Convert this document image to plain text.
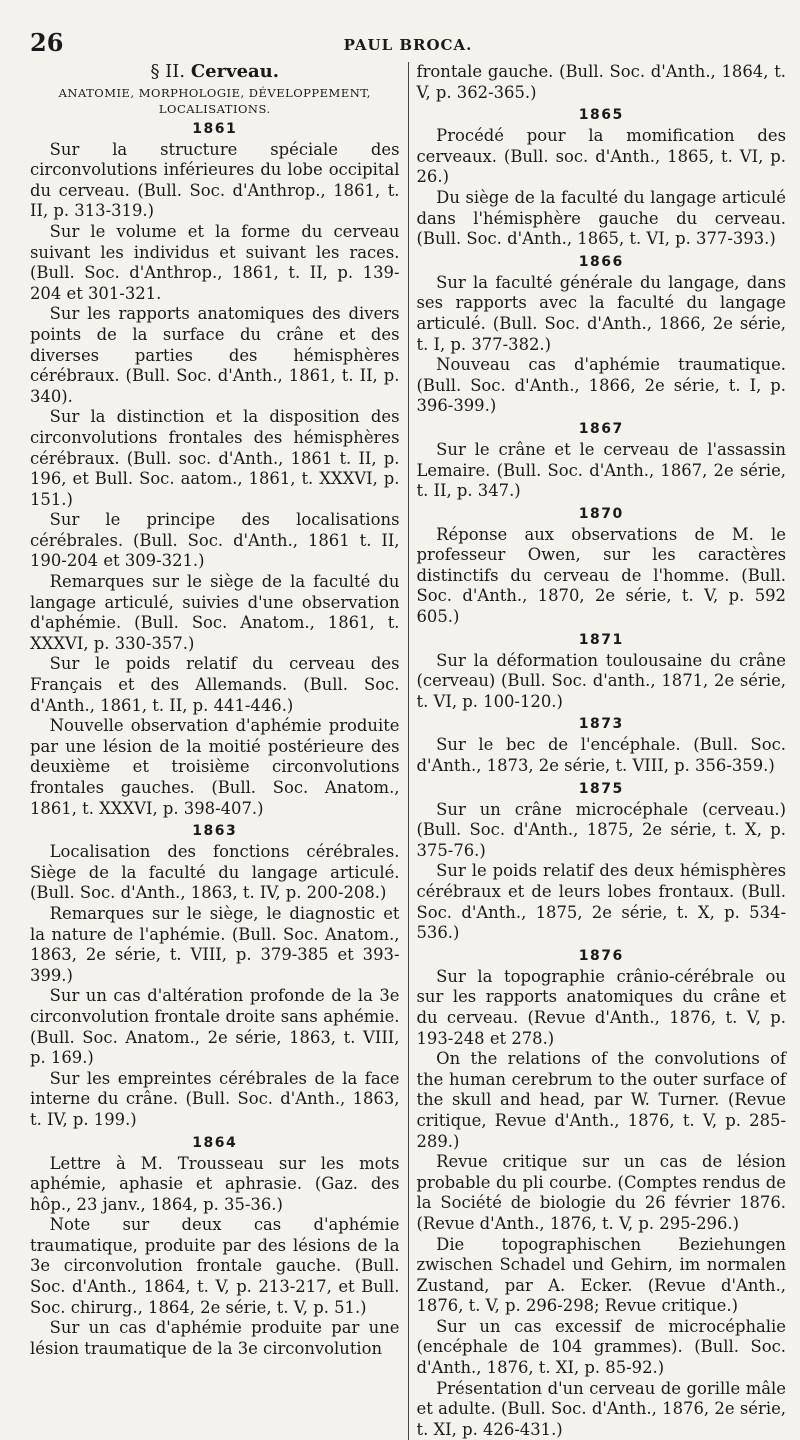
26	PAUL BROCA.
§ II. Cerveau.
ANATOMIE, MORPHOLOGIE, DÉVELOPPEMENT, LOCALISATIONS.
1861

Sur la structure spéciale des circonvolutions inférieures du lobe occipital du cerveau. (Bull. Soc. d'Anthrop., 1861, t. II, p. 313-319.)

Sur le volume et la forme du cerveau suivant les individus et suivant les races. (Bull. Soc. d'Anthrop., 1861, t. II, p. 139-204 et 301-321.

Sur les rapports anatomiques des divers points de la surface du crâne et des diverses parties des hémisphères cérébraux. (Bull. Soc. d'Anth., 1861, t. II, p. 340).

Sur la distinction et la disposition des circonvolutions frontales des hémisphères cérébraux. (Bull. soc. d'Anth., 1861 t. II, p. 196, et Bull. Soc. aatom., 1861, t. XXXVI, p. 151.)

Sur le principe des localisations cérébrales. (Bull. Soc. d'Anth., 1861 t. II, 190-204 et 309-321.)

Remarques sur le siège de la faculté du langage articulé, suivies d'une observation d'aphémie. (Bull. Soc. Anatom., 1861, t. XXXVI, p. 330-357.)

Sur le poids relatif du cerveau des Français et des Allemands. (Bull. Soc. d'Anth., 1861, t. II, p. 441-446.)

Nouvelle observation d'aphémie produite par une lésion de la moitié postérieure des deuxième et troisième circonvolutions frontales gauches. (Bull. Soc. Anatom., 1861, t. XXXVI, p. 398-407.)

1863

Localisation des fonctions cérébrales. Siège de la faculté du langage articulé. (Bull. Soc. d'Anth., 1863, t. IV, p. 200-208.)

Remarques sur le siège, le diagnostic et la nature de l'aphémie. (Bull. Soc. Anatom., 1863, 2e série, t. VIII, p. 379-385 et 393-399.)

Sur un cas d'altération profonde de la 3e circonvolution frontale droite sans aphémie. (Bull. Soc. Anatom., 2e série, 1863, t. VIII, p. 169.)

Sur les empreintes cérébrales de la face interne du crâne. (Bull. Soc. d'Anth., 1863, t. IV, p. 199.)

1864

Lettre à M. Trousseau sur les mots aphémie, aphasie et aphrasie. (Gaz. des hôp., 23 janv., 1864, p. 35-36.)

Note sur deux cas d'aphémie traumatique, produite par des lésions de la 3e circonvolution frontale gauche. (Bull. Soc. d'Anth., 1864, t. V, p. 213-217, et Bull. Soc. chirurg., 1864, 2e série, t. V, p. 51.)

Sur un cas d'aphémie produite par une lésion traumatique de la 3e circonvolution

frontale gauche. (Bull. Soc. d'Anth., 1864, t. V, p. 362-365.)

1865

Procédé pour la momification des cerveaux. (Bull. soc. d'Anth., 1865, t. VI, p. 26.)

Du siège de la faculté du langage articulé dans l'hémisphère gauche du cerveau. (Bull. Soc. d'Anth., 1865, t. VI, p. 377-393.)

1866

Sur la faculté générale du langage, dans ses rapports avec la faculté du langage articulé. (Bull. Soc. d'Anth., 1866, 2e série, t. I, p. 377-382.)

Nouveau cas d'aphémie traumatique. (Bull. Soc. d'Anth., 1866, 2e série, t. I, p. 396-399.)

1867

Sur le crâne et le cerveau de l'assassin Lemaire. (Bull. Soc. d'Anth., 1867, 2e série, t. II, p. 347.)

1870

Réponse aux observations de M. le professeur Owen, sur les caractères distinctifs du cerveau de l'homme. (Bull. Soc. d'Anth., 1870, 2e série, t. V, p. 592 605.)

1871

Sur la déformation toulousaine du crâne (cerveau) (Bull. Soc. d'anth., 1871, 2e série, t. VI, p. 100-120.)

1873

Sur le bec de l'encéphale. (Bull. Soc. d'Anth., 1873, 2e série, t. VIII, p. 356-359.)

1875

Sur un crâne microcéphale (cerveau.) (Bull. Soc. d'Anth., 1875, 2e série, t. X, p. 375-76.)

Sur le poids relatif des deux hémisphères cérébraux et de leurs lobes frontaux. (Bull. Soc. d'Anth., 1875, 2e série, t. X, p. 534-536.)

1876

Sur la topographie crânio-cérébrale ou sur les rapports anatomiques du crâne et du cerveau. (Revue d'Anth., 1876, t. V, p. 193-248 et 278.)

On the relations of the convolutions of the human cerebrum to the outer surface of the skull and head, par W. Turner. (Revue critique, Revue d'Anth., 1876, t. V, p. 285-289.)

Revue critique sur un cas de lésion probable du pli courbe. (Comptes rendus de la Société de biologie du 26 février 1876. (Revue d'Anth., 1876, t. V, p. 295-296.)

Die topographischen Beziehungen zwischen Schadel und Gehirn, im normalen Zustand, par A. Ecker. (Revue d'Anth., 1876, t. V, p. 296-298; Revue critique.)

Sur un cas excessif de microcéphalie (encéphale de 104 grammes). (Bull. Soc. d'Anth., 1876, t. XI, p. 85-92.)

Présentation d'un cerveau de gorille mâle et adulte. (Bull. Soc. d'Anth., 1876, 2e série, t. XI, p. 426-431.)
